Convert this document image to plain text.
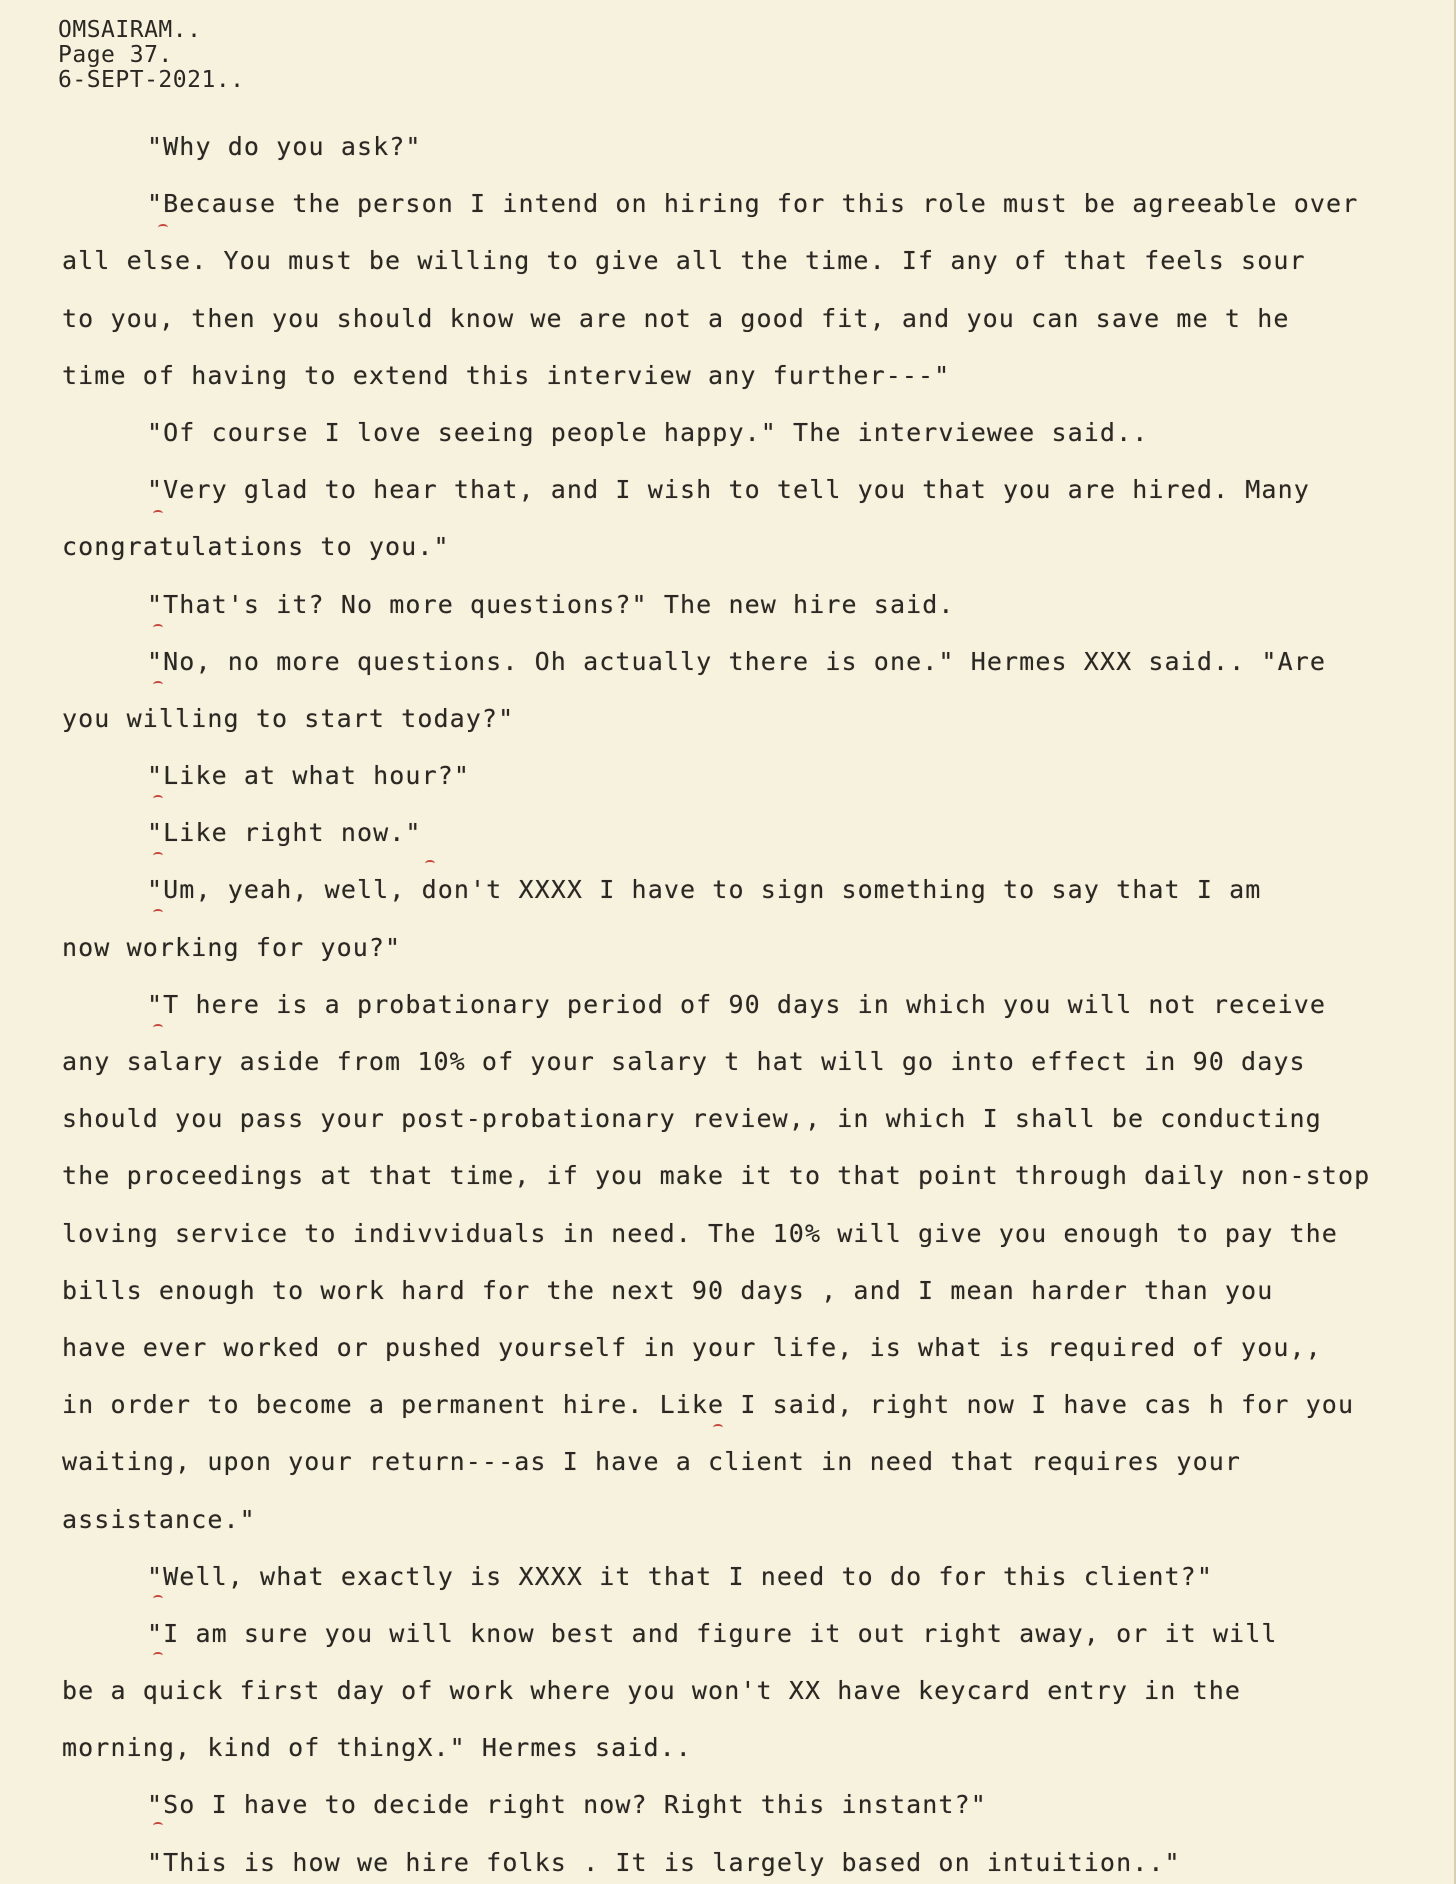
OMSAIRAM..
Page 37.
6-SEPT-2021..
"Why do you ask?"
"Because the person I intend on hiring for this role must be agreeable over
all else. You must be willing to give all the time. If any of that feels sour
to you, then you should know we are not a good fit, and you can save me t he
time of having to extend this interview any further---"
"Of course I love seeing people happy." The interviewee said..
"Very glad to hear that, and I wish to tell you that you are hired. Many
congratulations to you."
"That's it? No more questions?" The new hire said.
"No, no more questions. Oh actually there is one." Hermes XXX said.. "Are
you willing to start today?"
"Like at what hour?"
"Like right now."
"Um, yeah, well, don't XXXX I have to sign something to say that I am
now working for you?"
"T here is a probationary period of 90 days in which you will not receive
any salary aside from 10% of your salary t hat will go into effect in 90 days
should you pass your post-probationary review,, in which I shall be conducting
the proceedings at that time, if you make it to that point through daily non-stop
loving service to indivviduals in need. The 10% will give you enough to pay the
bills enough to work hard for the next 90 days , and I mean harder than you
have ever worked or pushed yourself in your life, is what is required of you,,
in order to become a permanent hire. Like I said, right now I have cas h for you
waiting, upon your return---as I have a client in need that requires your
assistance."
"Well, what exactly is XXXX it that I need to do for this client?"
"I am sure you will know best and figure it out right away, or it will
be a quick first day of work where you won't XX have keycard entry in the
morning, kind of thingX." Hermes said..
"So I have to decide right now? Right this instant?"
"This is how we hire folks . It is largely based on intuition.."
